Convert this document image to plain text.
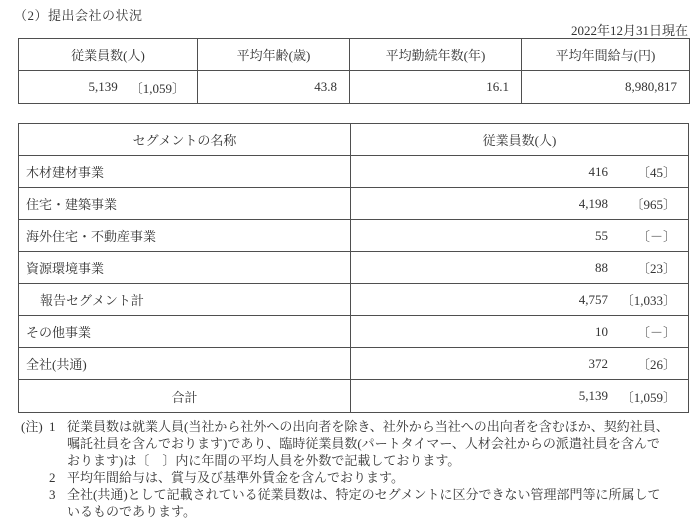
（2）提出会社の状況
2022年12月31日現在
従業員数(人)	平均年齢(歳)	平均勤続年数(年)	平均年間給与(円)
5,139 〔1,059〕	43.8	16.1	8,980,817
セグメントの名称	従業員数(人)
木材建材事業	416	〔45〕
住宅・建築事業	4,198	〔965〕
海外住宅・不動産事業	55	〔－〕
資源環境事業	88	〔23〕
報告セグメント計	4,757 〔1,033〕
その他事業	10	〔－〕
全社(共通)	372	〔26〕
合計	5,139 〔1,059〕
(注) 1 従業員数は就業人員(当社から社外への出向者を除き、社外から当社への出向者を含むほか、契約社員、
嘱託社員を含んでおります)であり、臨時従業員数(パートタイマー、人材会社からの派遣社員を含んで
おります)は〔　〕内に年間の平均人員を外数で記載しております。
2 平均年間給与は、賞与及び基準外賃金を含んでおります。
3 全社(共通)として記載されている従業員数は、特定のセグメントに区分できない管理部門等に所属して
いるものであります。
